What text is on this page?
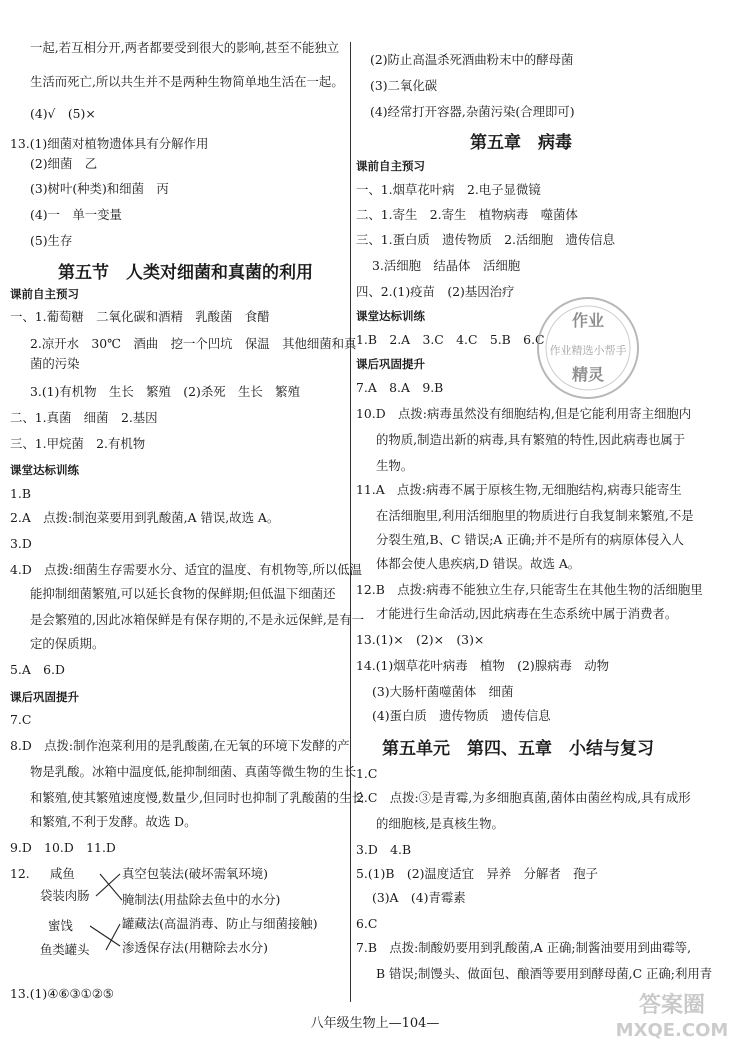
一起,若互相分开,两者都要受到很大的影响,甚至不能独立
生活而死亡,所以共生并不是两种生物简单地生活在一起。
(4)√　(5)×
13.(1)细菌对植物遗体具有分解作用
(2)细菌　乙
(3)树叶(种类)和细菌　丙
(4)一　单一变量
(5)生存
第五节　人类对细菌和真菌的利用
课前自主预习
一、1.葡萄糖　二氧化碳和酒精　乳酸菌　食醋
2.凉开水　30℃　酒曲　挖一个凹坑　保温　其他细菌和真
菌的污染
3.(1)有机物　生长　繁殖　(2)杀死　生长　繁殖
二、1.真菌　细菌　2.基因
三、1.甲烷菌　2.有机物
课堂达标训练
1.B
2.A　点拨:制泡菜要用到乳酸菌,A 错误,故选 A。
3.D
4.D　点拨:细菌生存需要水分、适宜的温度、有机物等,所以低温
能抑制细菌繁殖,可以延长食物的保鲜期;但低温下细菌还
是会繁殖的,因此冰箱保鲜是有保存期的,不是永远保鲜,是有一
定的保质期。
5.A　6.D
课后巩固提升
7.C
8.D　点拨:制作泡菜利用的是乳酸菌,在无氧的环境下发酵的产
物是乳酸。冰箱中温度低,能抑制细菌、真菌等微生物的生长
和繁殖,使其繁殖速度慢,数量少,但同时也抑制了乳酸菌的生长
和繁殖,不利于发酵。故选 D。
9.D　10.D　11.D
12.
13.(1)④⑥③①②⑤
咸鱼
袋装肉肠
蜜饯
鱼类罐头
真空包装法(破坏需氧环境)
腌制法(用盐除去鱼中的水分)
罐藏法(高温消毒、防止与细菌接触)
渗透保存法(用糖除去水分)
(2)防止高温杀死酒曲粉末中的酵母菌
(3)二氧化碳
(4)经常打开容器,杂菌污染(合理即可)
第五章　病毒
课前自主预习
一、1.烟草花叶病　2.电子显微镜
二、1.寄生　2.寄生　植物病毒　噬菌体
三、1.蛋白质　遗传物质　2.活细胞　遗传信息
3.活细胞　结晶体　活细胞
四、2.(1)疫苗　(2)基因治疗
课堂达标训练
1.B　2.A　3.C　4.C　5.B　6.C
课后巩固提升
7.A　8.A　9.B
10.D　点拨:病毒虽然没有细胞结构,但是它能利用寄主细胞内
的物质,制造出新的病毒,具有繁殖的特性,因此病毒也属于
生物。
11.A　点拨:病毒不属于原核生物,无细胞结构,病毒只能寄生
在活细胞里,利用活细胞里的物质进行自我复制来繁殖,不是
分裂生殖,B、C 错误;A 正确;并不是所有的病原体侵入人
体都会使人患疾病,D 错误。故选 A。
12.B　点拨:病毒不能独立生存,只能寄生在其他生物的活细胞里
才能进行生命活动,因此病毒在生态系统中属于消费者。
13.(1)×　(2)×　(3)×
14.(1)烟草花叶病毒　植物　(2)腺病毒　动物
(3)大肠杆菌噬菌体　细菌
(4)蛋白质　遗传物质　遗传信息
第五单元　第四、五章　小结与复习
1.C
2.C　点拨:③是青霉,为多细胞真菌,菌体由菌丝构成,具有成形
的细胞核,是真核生物。
3.D　4.B
5.(1)B　(2)温度适宜　异养　分解者　孢子
(3)A　(4)青霉素
6.C
7.B　点拨:制酸奶要用到乳酸菌,A 正确;制酱油要用到曲霉等,
B 错误;制馒头、做面包、酿酒等要用到酵母菌,C 正确;利用青
作业
作业精选小帮手
精灵
答案圈
MXQE.COM
八年级生物上—104—
